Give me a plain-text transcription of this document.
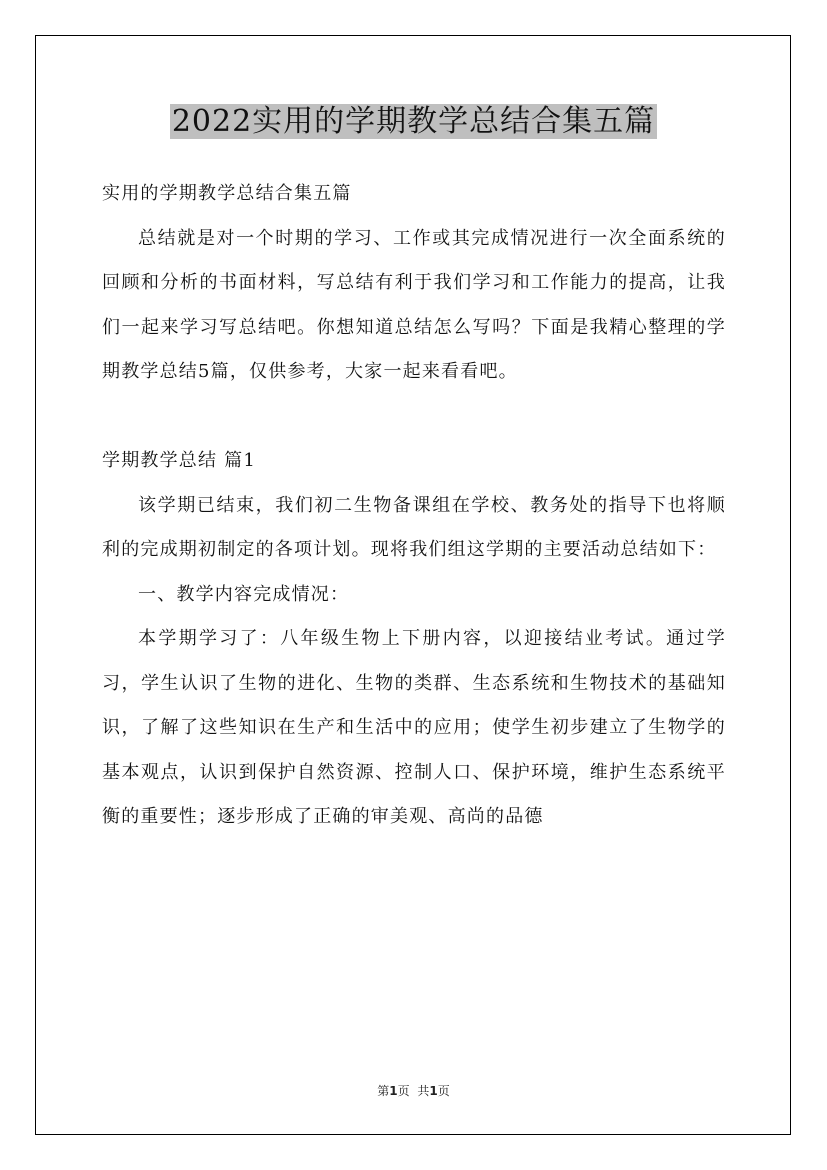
2022实用的学期教学总结合集五篇

实用的学期教学总结合集五篇

总结就是对一个时期的学习、工作或其完成情况进行一次全面系统的回顾和分析的书面材料，写总结有利于我们学习和工作能力的提高，让我们一起来学习写总结吧。你想知道总结怎么写吗？下面是我精心整理的学期教学总结5篇，仅供参考，大家一起来看看吧。

学期教学总结 篇1

该学期已结束，我们初二生物备课组在学校、教务处的指导下也将顺利的完成期初制定的各项计划。现将我们组这学期的主要活动总结如下：

一、教学内容完成情况：

本学期学习了：八年级生物上下册内容，以迎接结业考试。通过学习，学生认识了生物的进化、生物的类群、生态系统和生物技术的基础知识，了解了这些知识在生产和生活中的应用；使学生初步建立了生物学的基本观点，认识到保护自然资源、控制人口、保护环境，维护生态系统平衡的重要性；逐步形成了正确的审美观、高尚的品德

第1页 共1页
